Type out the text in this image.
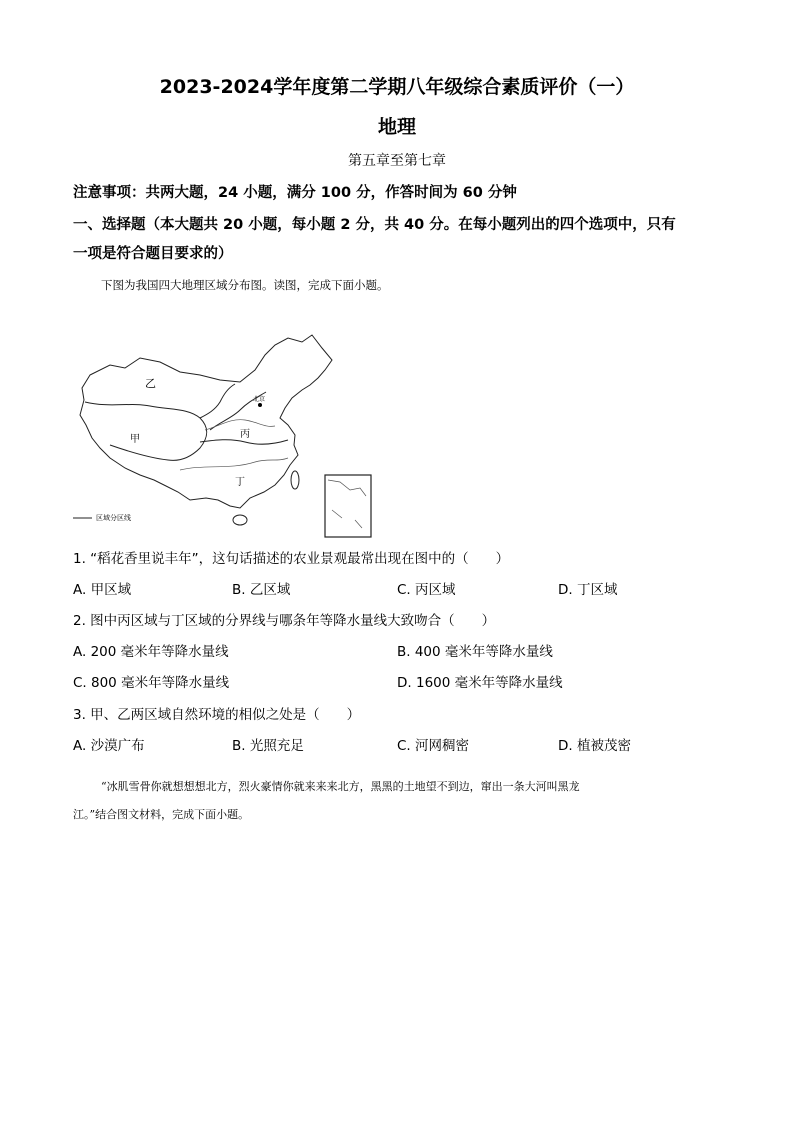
2023-2024学年度第二学期八年级综合素质评价（一）
地理
第五章至第七章
注意事项：共两大题，24 小题，满分 100 分，作答时间为 60 分钟
一、选择题（本大题共 20 小题，每小题 2 分，共 40 分。在每小题列出的四个选项中，只有
一项是符合题目要求的）
下图为我国四大地理区域分布图。读图，完成下面小题。
乙
甲	丙
丁
北京
区域分区线
1. “稻花香里说丰年”，这句话描述的农业景观最常出现在图中的（　　）
A. 甲区域	B. 乙区域	C. 丙区域	D. 丁区域
2. 图中丙区域与丁区域的分界线与哪条年等降水量线大致吻合（　　）
A. 200 毫米年等降水量线	B. 400 毫米年等降水量线
C. 800 毫米年等降水量线	D. 1600 毫米年等降水量线
3. 甲、乙两区域自然环境的相似之处是（　　）
A. 沙漠广布	B. 光照充足	C. 河网稠密	D. 植被茂密
“冰肌雪骨你就想想想北方，烈火豪情你就来来来北方，黑黑的土地望不到边，窜出一条大河叫黑龙
江。”结合图文材料，完成下面小题。
